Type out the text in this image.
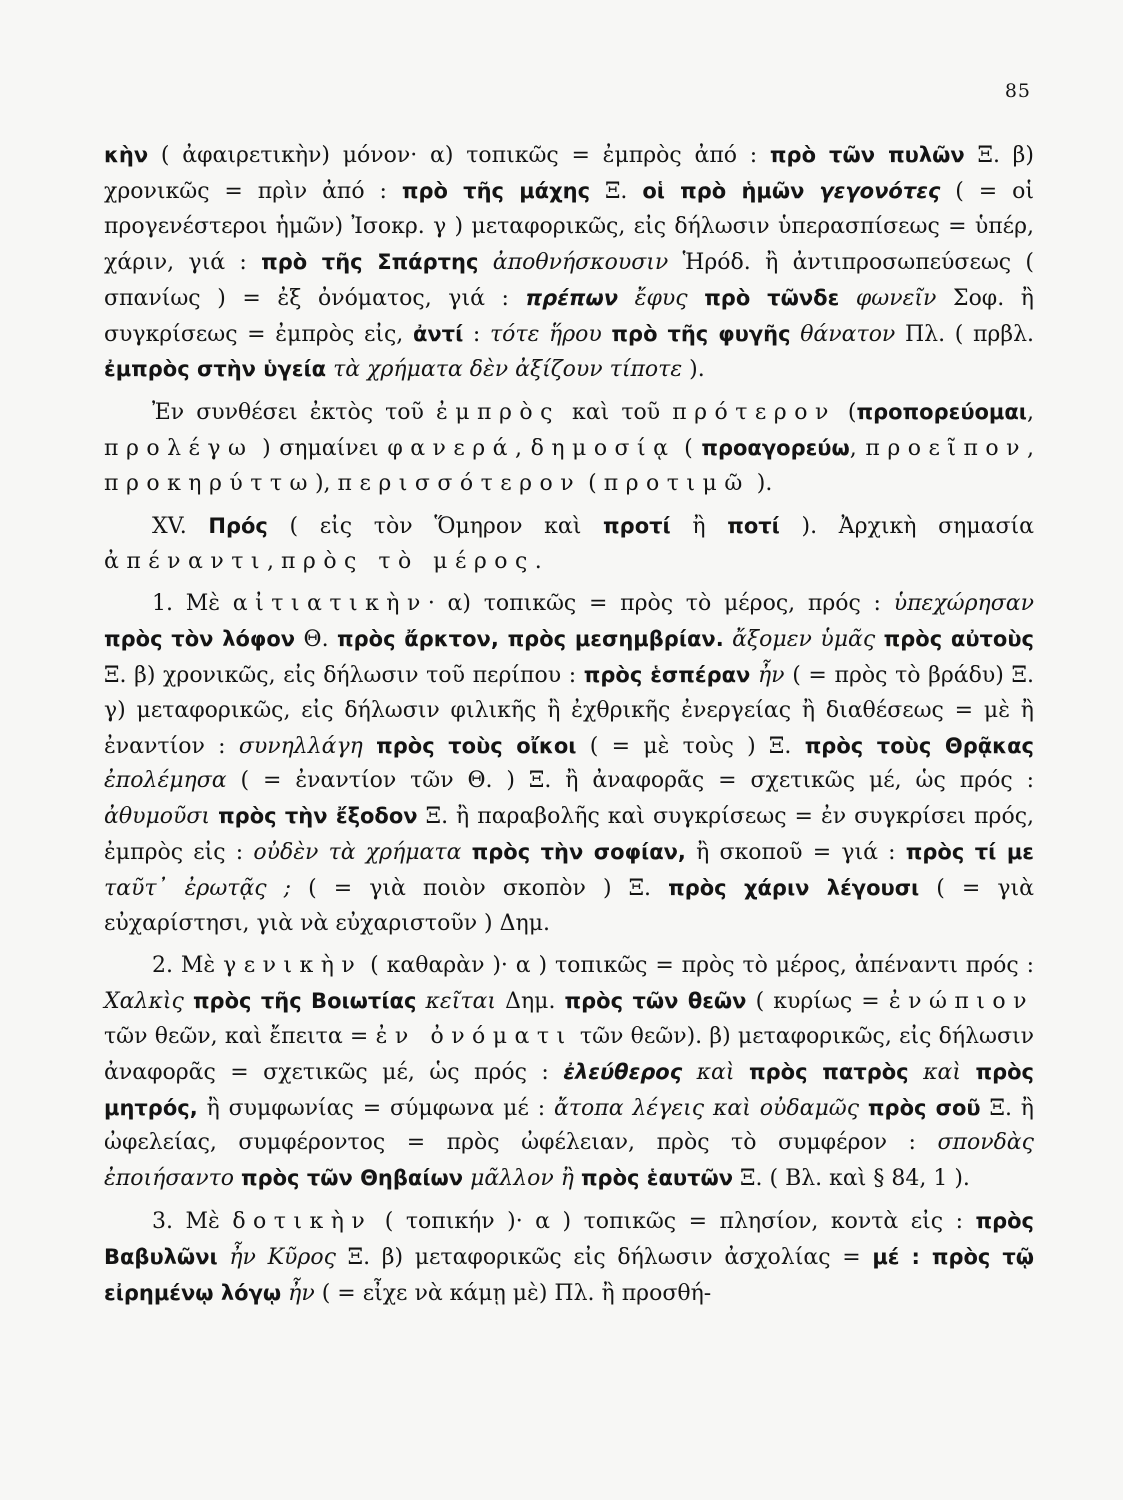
85

κὴν ( ἀφαιρετικὴν) μόνον· α) τοπικῶς = ἐμπρὸς ἀπό : πρὸ τῶν πυλῶν Ξ. β) χρονικῶς = πρὶν ἀπό : πρὸ τῆς μάχης Ξ. οἱ πρὸ ἡμῶν γεγονότες ( = οἱ προγενέστεροι ἡμῶν) Ἰσοκρ. γ ) μεταφορικῶς, εἰς δήλωσιν ὑπερασπίσεως = ὑπέρ, χάριν, γιά : πρὸ τῆς Σπάρτης ἀποθνήσκουσιν Ἡρόδ. ἢ ἀντιπροσωπεύσεως ( σπανίως ) = ἐξ ὀνόματος, γιά : πρέπων ἔφυς πρὸ τῶνδε φωνεῖν Σοφ. ἢ συγκρίσεως = ἐμπρὸς εἰς, ἀντί : τότε ἥρου πρὸ τῆς φυγῆς θάνατον Πλ. ( πρβλ. ἐμπρὸς στὴν ὑγεία τὰ χρήματα δὲν ἀξίζουν τίποτε ).

Ἐν συνθέσει ἐκτὸς τοῦ ἐμπρὸς καὶ τοῦ πρότερον (προπορεύομαι, προλέγω ) σημαίνει φανερά, δημοσίᾳ ( προαγορεύω, προεῖπον, προκηρύττω), περισσότερον ( προτιμῶ ).

XV. Πρός ( εἰς τὸν Ὅμηρον καὶ προτί ἢ ποτί ). Ἀρχικὴ σημασία ἀπέναντι, πρὸς τὸ μέρος.

1. Μὲ αἰτιατικὴν· α) τοπικῶς = πρὸς τὸ μέρος, πρός : ὑπεχώρησαν πρὸς τὸν λόφον Θ. πρὸς ἄρκτον, πρὸς μεσημβρίαν. ἄξομεν ὑμᾶς πρὸς αὐτοὺς Ξ. β) χρονικῶς, εἰς δήλωσιν τοῦ περίπου : πρὸς ἑσπέραν ἦν ( = πρὸς τὸ βράδυ) Ξ. γ) μεταφορικῶς, εἰς δήλωσιν φιλικῆς ἢ ἐχθρικῆς ἐνεργείας ἢ διαθέσεως = μὲ ἢ ἐναντίον : συνηλλάγη πρὸς τοὺς οἴκοι ( = μὲ τοὺς ) Ξ. πρὸς τοὺς Θρᾷκας ἐπολέμησα ( = ἐναντίον τῶν Θ. ) Ξ. ἢ ἀναφορᾶς = σχετικῶς μέ, ὡς πρός : ἀθυμοῦσι πρὸς τὴν ἔξοδον Ξ. ἢ παραβολῆς καὶ συγκρίσεως = ἐν συγκρίσει πρός, ἐμπρὸς εἰς : οὐδὲν τὰ χρήματα πρὸς τὴν σοφίαν, ἢ σκοποῦ = γιά : πρὸς τί με ταῦτ᾽ ἐρωτᾷς ; ( = γιὰ ποιὸν σκοπὸν ) Ξ. πρὸς χάριν λέγουσι ( = γιὰ εὐχαρίστησι, γιὰ νὰ εὐχαριστοῦν ) Δημ.

2. Μὲ γενικὴν ( καθαρὰν )· α ) τοπικῶς = πρὸς τὸ μέρος, ἀπέναντι πρός : Χαλκὶς πρὸς τῆς Βοιωτίας κεῖται Δημ. πρὸς τῶν θεῶν ( κυρίως = ἐνώπιον τῶν θεῶν, καὶ ἔπειτα = ἐν ὀνόματι τῶν θεῶν). β) μεταφορικῶς, εἰς δήλωσιν ἀναφορᾶς = σχετικῶς μέ, ὡς πρός : ἐλεύθερος καὶ πρὸς πατρὸς καὶ πρὸς μητρός, ἢ συμφωνίας = σύμφωνα μέ : ἄτοπα λέγεις καὶ οὐδαμῶς πρὸς σοῦ Ξ. ἢ ὠφελείας, συμφέροντος = πρὸς ὠφέλειαν, πρὸς τὸ συμφέρον : σπονδὰς ἐποιήσαντο πρὸς τῶν Θηβαίων μᾶλλον ἢ πρὸς ἑαυτῶν Ξ. ( Βλ. καὶ § 84, 1 ).

3. Μὲ δοτικὴν ( τοπικήν )· α ) τοπικῶς = πλησίον, κοντὰ εἰς : πρὸς Βαβυλῶνι ἦν Κῦρος Ξ. β) μεταφορικῶς εἰς δήλωσιν ἀσχολίας = μέ : πρὸς τῷ εἰρημένῳ λόγῳ ἦν ( = εἶχε νὰ κάμῃ μὲ) Πλ. ἢ προσθή-
